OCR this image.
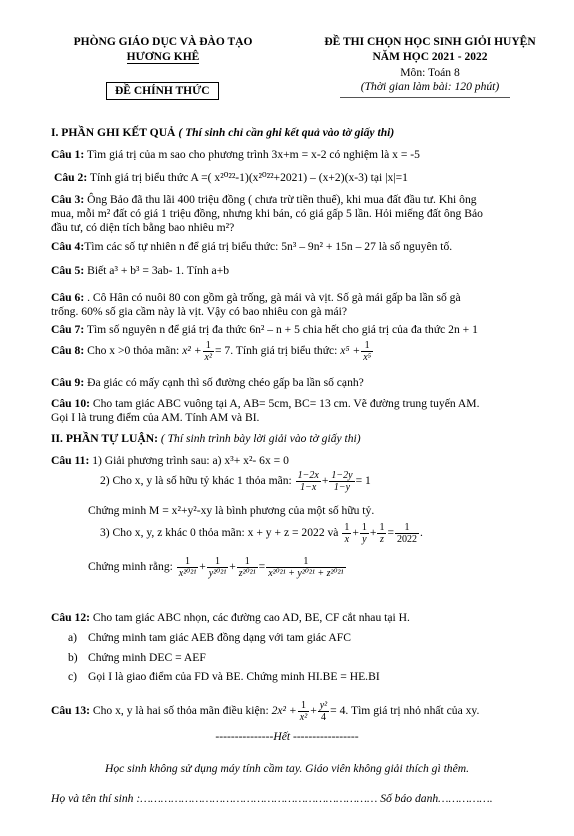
PHÒNG GIÁO DỤC VÀ ĐÀO TẠO
HƯƠNG KHÊ
ĐỀ CHÍNH THỨC
ĐỀ THI CHỌN HỌC SINH GIỎI HUYỆN
NĂM HỌC 2021 - 2022
Môn: Toán 8
(Thời gian làm bài: 120 phút)
I. PHẦN GHI KẾT QUẢ ( Thí sinh chỉ cần ghi kết quả vào tờ giấy thi)
Câu 1: Tìm giá trị của m sao cho phương trình 3x+m = x-2 có nghiệm là x = -5
Câu 2: Tính giá trị biểu thức A =( x²⁰²²-1)(x²⁰²²+2021) – (x+2)(x-3) tại |x|=1
Câu 3: Ông Bảo đã thu lãi 400 triệu đồng ( chưa trừ tiền thuế), khi mua đất đầu tư. Khi ông
mua, mỗi m² đất có giá 1 triệu đồng, nhưng khi bán, có giá gấp 5 lần. Hỏi miếng đất ông Bảo
đầu tư, có diện tích bằng bao nhiêu m²?
Câu 4:Tìm các số tự nhiên n để giá trị biểu thức: 5n³ – 9n² + 15n – 27 là số nguyên tố.
Câu 5: Biết a³ + b³ = 3ab- 1. Tính a+b
Câu 6: . Cô Hân có nuôi 80 con gồm gà trống, gà mái và vịt. Số gà mái gấp ba lần số gà
trống. 60% số gia cầm này là vịt. Vậy có bao nhiêu con gà mái?
Câu 7: Tìm số nguyên n để giá trị đa thức 6n² – n + 5 chia hết cho giá trị của đa thức 2n + 1
Câu 8: Cho x >0 thỏa mãn: $x^2 + \frac{1}{\text{x²}} = 7$. Tính giá trị biểu thức: $x^5 + \frac{1}{\text{x⁵}}$
Câu 9: Đa giác có mấy cạnh thì số đường chéo gấp ba lần số cạnh?
Câu 10: Cho tam giác ABC vuông tại A, AB= 5cm, BC= 13 cm. Vẽ đường trung tuyến AM.
Gọi I là trung điểm của AM. Tính AM và BI.
II. PHẦN TỰ LUẬN: ( Thí sinh trình bày lời giải vào tờ giấy thi)
Câu 11: 1) Giải phương trình sau: a) x³+ x²- 6x = 0
2) Cho x, y là số hữu tỷ khác 1 thỏa mãn: $\frac{1-2x}{1-x} + \frac{1-2y}{1-y} = 1$
Chứng minh M = x²+y²-xy là bình phương của một số hữu tỷ.
3) Cho x, y, z khác 0 thỏa mãn: x + y + z = 2022 và $\frac{1}{x} + \frac{1}{y} + \frac{1}{z} = \frac{1}{2022}$ .
Chứng minh rằng: $\frac{1}{\text{x²⁰²¹}} + \frac{1}{\text{y²⁰²¹}} + \frac{1}{\text{z²⁰²¹}} = \frac{1}{\text{x²⁰²¹ + y²⁰²¹ + z²⁰²¹}}$
Câu 12: Cho tam giác ABC nhọn, các đường cao AD, BE, CF cắt nhau tại H.
a) Chứng minh tam giác AEB đồng dạng với tam giác AFC
b) Chứng minh DEC = AEF
c) Gọi I là giao điểm của FD và BE. Chứng minh HI.BE = HE.BI
Câu 13: Cho x, y là hai số thỏa mãn điều kiện: $2x^2 + \frac{1}{\text{x²}} + \frac{\text{y²}}{4} = 4$. Tìm giá trị nhỏ nhất của xy.
---------------Hết -----------------
Học sinh không sử dụng máy tính cầm tay. Giáo viên không giải thích gì thêm.
Họ và tên thí sinh :…………………………………………………………… Số báo danh…………….
